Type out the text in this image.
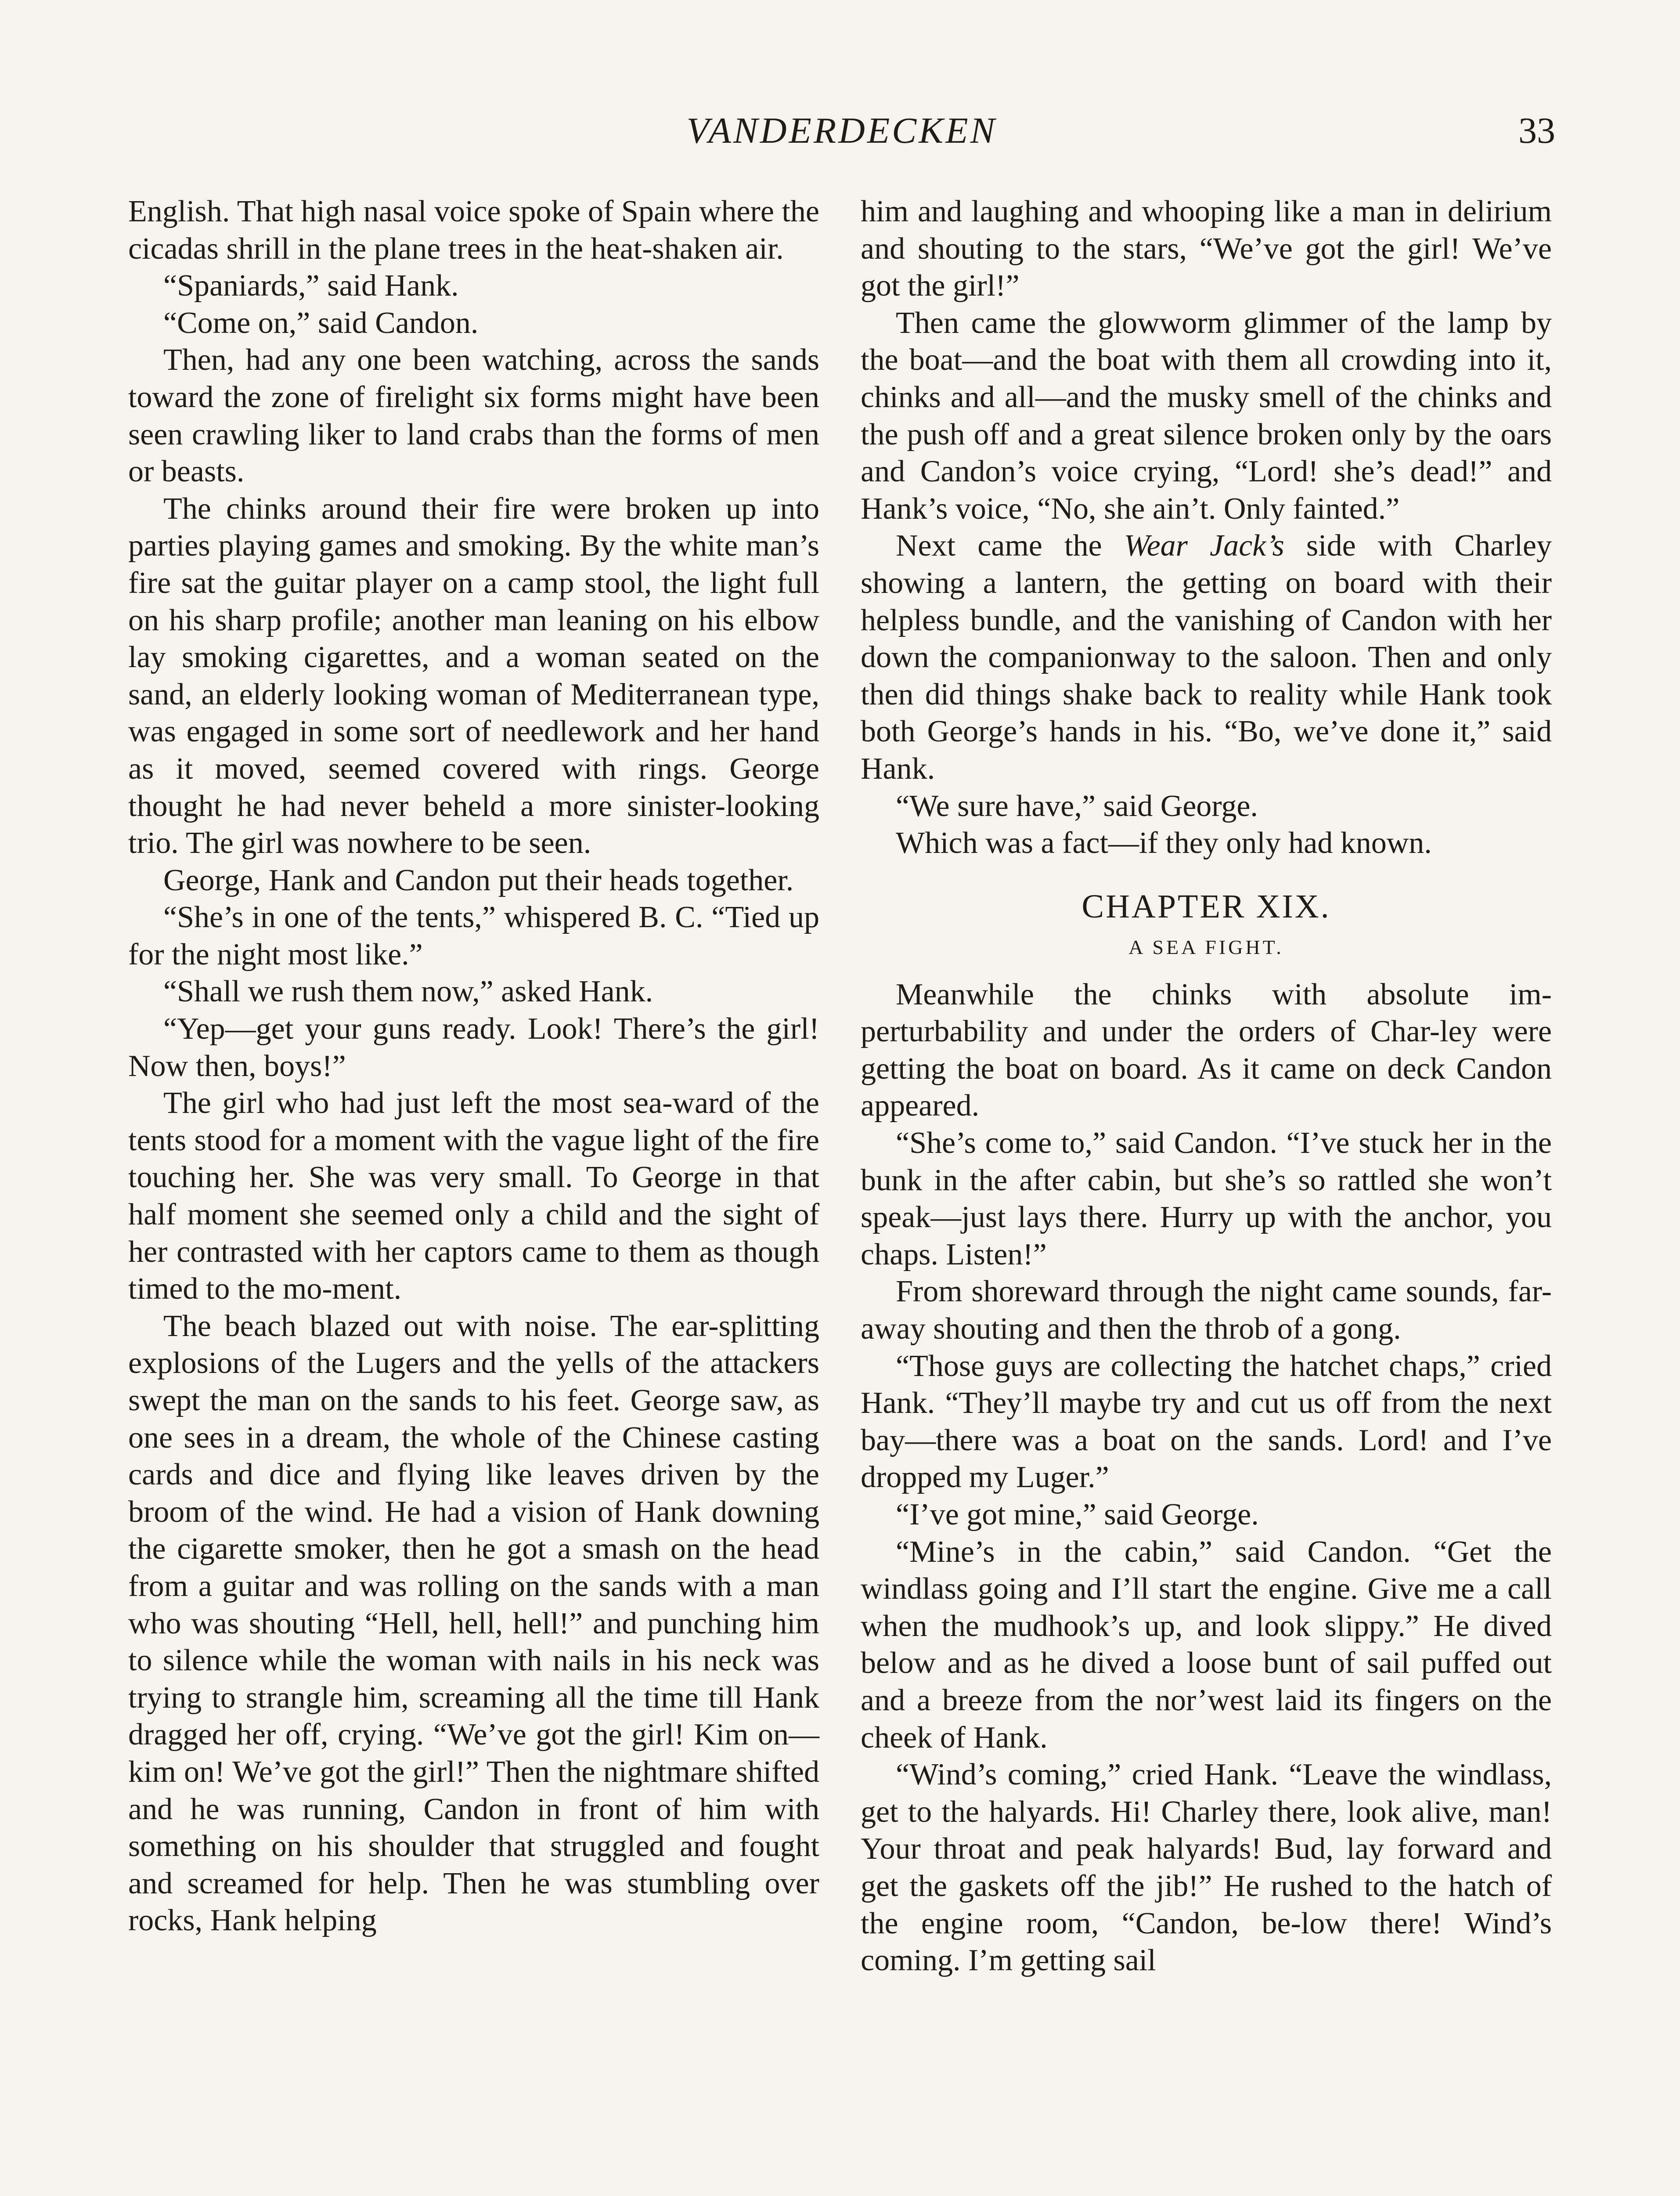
VANDERDECKEN	33

English. That high nasal voice spoke of Spain where the cicadas shrill in the plane trees in the heat-shaken air.

“Spaniards,” said Hank.

“Come on,” said Candon.

Then, had any one been watching, across the sands toward the zone of firelight six forms might have been seen crawling liker to land crabs than the forms of men or beasts.

The chinks around their fire were broken up into parties playing games and smoking. By the white man’s fire sat the guitar player on a camp stool, the light full on his sharp profile; another man leaning on his elbow lay smoking cigarettes, and a woman seated on the sand, an elderly looking woman of Mediterranean type, was engaged in some sort of needlework and her hand as it moved, seemed covered with rings. George thought he had never beheld a more sinister-looking trio. The girl was nowhere to be seen.

George, Hank and Candon put their heads together.

“She’s in one of the tents,” whispered B. C. “Tied up for the night most like.”

“Shall we rush them now,” asked Hank.

“Yep—get your guns ready. Look! There’s the girl! Now then, boys!”

The girl who had just left the most sea-ward of the tents stood for a moment with the vague light of the fire touching her. She was very small. To George in that half moment she seemed only a child and the sight of her contrasted with her captors came to them as though timed to the mo-ment.

The beach blazed out with noise. The ear-splitting explosions of the Lugers and the yells of the attackers swept the man on the sands to his feet. George saw, as one sees in a dream, the whole of the Chinese casting cards and dice and flying like leaves driven by the broom of the wind. He had a vision of Hank downing the cigarette smoker, then he got a smash on the head from a guitar and was rolling on the sands with a man who was shouting “Hell, hell, hell!” and punching him to silence while the woman with nails in his neck was trying to strangle him, screaming all the time till Hank dragged her off, crying. “We’ve got the girl! Kim on—kim on! We’ve got the girl!” Then the nightmare shifted and he was running, Candon in front of him with something on his shoulder that struggled and fought and screamed for help. Then he was stumbling over rocks, Hank helping

him and laughing and whooping like a man in delirium and shouting to the stars, “We’ve got the girl! We’ve got the girl!”

Then came the glowworm glimmer of the lamp by the boat—and the boat with them all crowding into it, chinks and all—and the musky smell of the chinks and the push off and a great silence broken only by the oars and Candon’s voice crying, “Lord! she’s dead!” and Hank’s voice, “No, she ain’t. Only fainted.”

Next came the Wear Jack’s side with Charley showing a lantern, the getting on board with their helpless bundle, and the vanishing of Candon with her down the companionway to the saloon. Then and only then did things shake back to reality while Hank took both George’s hands in his. “Bo, we’ve done it,” said Hank.

“We sure have,” said George.

Which was a fact—if they only had known.

CHAPTER XIX.
A SEA FIGHT.

Meanwhile the chinks with absolute im-perturbability and under the orders of Char-ley were getting the boat on board. As it came on deck Candon appeared.

“She’s come to,” said Candon. “I’ve stuck her in the bunk in the after cabin, but she’s so rattled she won’t speak—just lays there. Hurry up with the anchor, you chaps. Listen!”

From shoreward through the night came sounds, far-away shouting and then the throb of a gong.

“Those guys are collecting the hatchet chaps,” cried Hank. “They’ll maybe try and cut us off from the next bay—there was a boat on the sands. Lord! and I’ve dropped my Luger.”

“I’ve got mine,” said George.

“Mine’s in the cabin,” said Candon. “Get the windlass going and I’ll start the engine. Give me a call when the mudhook’s up, and look slippy.” He dived below and as he dived a loose bunt of sail puffed out and a breeze from the nor’west laid its fingers on the cheek of Hank.

“Wind’s coming,” cried Hank. “Leave the windlass, get to the halyards. Hi! Charley there, look alive, man! Your throat and peak halyards! Bud, lay forward and get the gaskets off the jib!” He rushed to the hatch of the engine room, “Candon, be-low there! Wind’s coming. I’m getting sail
